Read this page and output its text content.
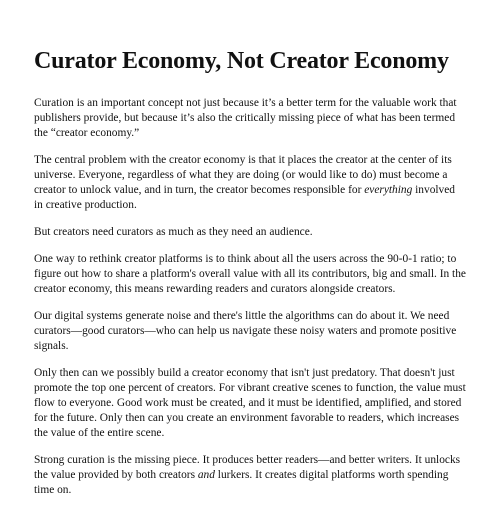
Curator Economy, Not Creator Economy

Curation is an important concept not just because it’s a better term for the valuable work that publishers provide, but because it’s also the critically missing piece of what has been termed the “creator economy.”

The central problem with the creator economy is that it places the creator at the center of its universe. Everyone, regardless of what they are doing (or would like to do) must become a creator to unlock value, and in turn, the creator becomes responsible for everything involved in creative production.

But creators need curators as much as they need an audience.

One way to rethink creator platforms is to think about all the users across the 90-0-1 ratio; to figure out how to share a platform's overall value with all its contributors, big and small. In the creator economy, this means rewarding readers and curators alongside creators.

Our digital systems generate noise and there's little the algorithms can do about it. We need curators—good curators—who can help us navigate these noisy waters and promote positive signals.

Only then can we possibly build a creator economy that isn't just predatory. That doesn't just promote the top one percent of creators. For vibrant creative scenes to function, the value must flow to everyone. Good work must be created, and it must be identified, amplified, and stored for the future. Only then can you create an environment favorable to readers, which increases the value of the entire scene.

Strong curation is the missing piece. It produces better readers—and better writers. It unlocks the value provided by both creators and lurkers. It creates digital platforms worth spending time on.
